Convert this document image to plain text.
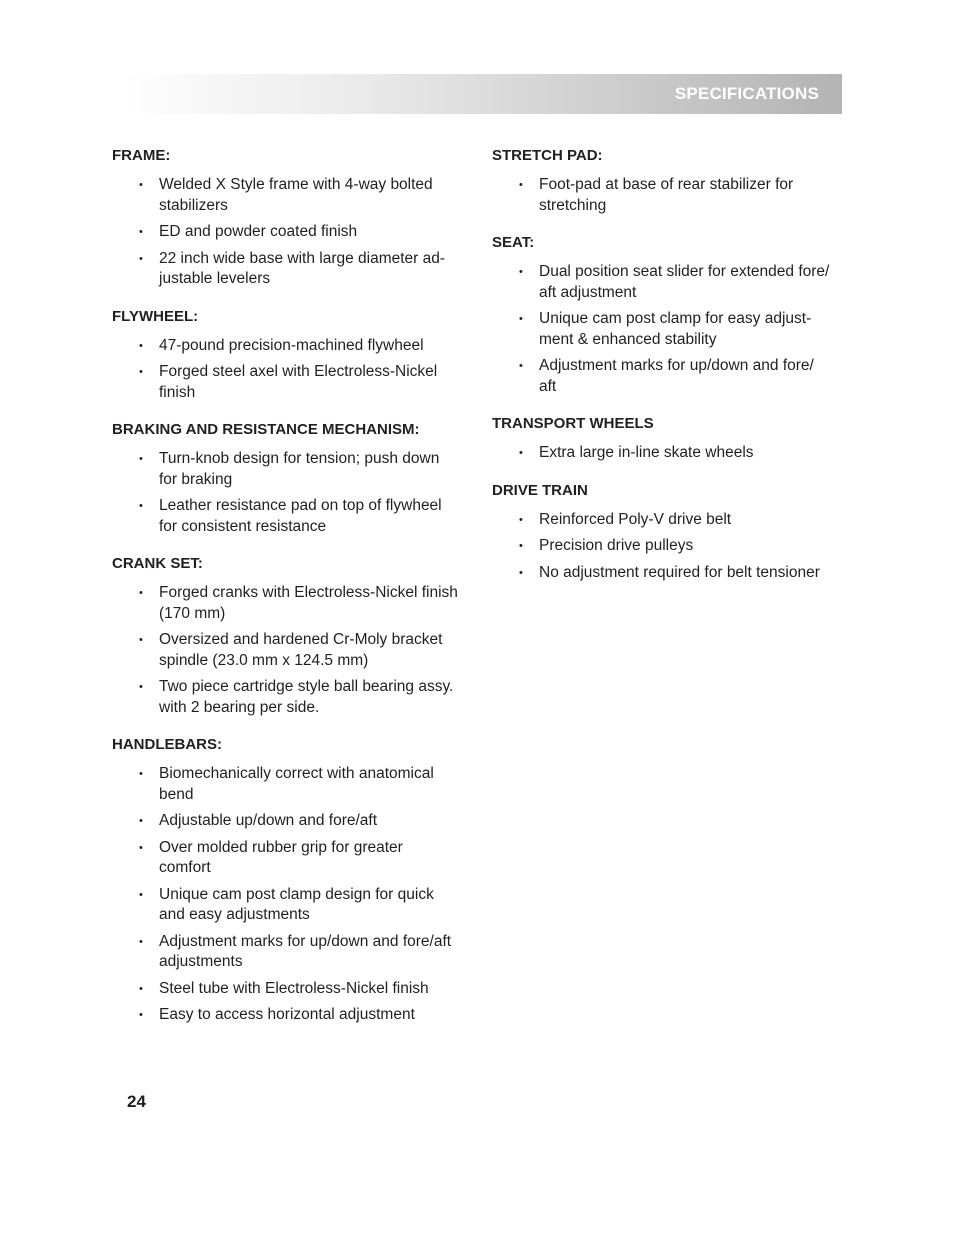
SPECIFICATIONS
FRAME:
• Welded X Style frame with 4-way bolted
stabilizers
• ED and powder coated finish
• 22 inch wide base with large diameter ad-
justable levelers
FLYWHEEL:
• 47-pound precision-machined flywheel
• Forged steel axel with Electroless-Nickel
finish
BRAKING AND RESISTANCE MECHANISM:
• Turn-knob design for tension; push down
for braking
• Leather resistance pad on top of flywheel
for consistent resistance
CRANK SET:
• Forged cranks with Electroless-Nickel finish
(170 mm)
• Oversized and hardened Cr-Moly bracket
spindle (23.0 mm x 124.5 mm)
• Two piece cartridge style ball bearing assy.
with 2 bearing per side.
HANDLEBARS:
• Biomechanically correct with anatomical
bend
• Adjustable up/down and fore/aft
• Over molded rubber grip for greater
comfort
• Unique cam post clamp design for quick
and easy adjustments
• Adjustment marks for up/down and fore/aft
adjustments
• Steel tube with Electroless-Nickel finish
• Easy to access horizontal adjustment
STRETCH PAD:
• Foot-pad at base of rear stabilizer for
stretching
SEAT:
• Dual position seat slider for extended fore/
aft adjustment
• Unique cam post clamp for easy adjust-
ment & enhanced stability
• Adjustment marks for up/down and fore/
aft
TRANSPORT WHEELS
• Extra large in-line skate wheels
DRIVE TRAIN
• Reinforced Poly-V drive belt
• Precision drive pulleys
• No adjustment required for belt tensioner
24
